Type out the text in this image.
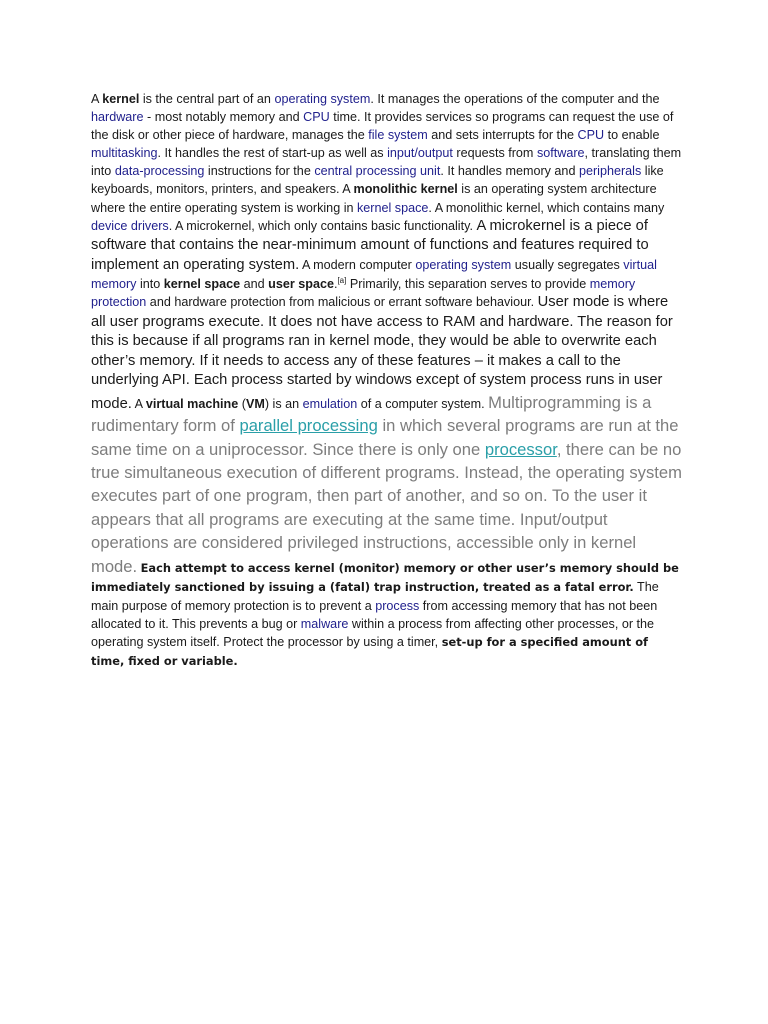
A kernel is the central part of an operating system. It manages the operations of the computer and the hardware - most notably memory and CPU time. It provides services so programs can request the use of the disk or other piece of hardware, manages the file system and sets interrupts for the CPU to enable multitasking. It handles the rest of start-up as well as input/output requests from software, translating them into data-processing instructions for the central processing unit. It handles memory and peripherals like keyboards, monitors, printers, and speakers. A monolithic kernel is an operating system architecture where the entire operating system is working in kernel space. A monolithic kernel, which contains many device drivers. A microkernel, which only contains basic functionality. A microkernel is a piece of software that contains the near-minimum amount of functions and features required to implement an operating system. A modern computer operating system usually segregates virtual memory into kernel space and user space.[a] Primarily, this separation serves to provide memory protection and hardware protection from malicious or errant software behaviour. User mode is where all user programs execute. It does not have access to RAM and hardware. The reason for this is because if all programs ran in kernel mode, they would be able to overwrite each other’s memory. If it needs to access any of these features – it makes a call to the underlying API. Each process started by windows except of system process runs in user mode. A virtual machine (VM) is an emulation of a computer system. Multiprogramming is a rudimentary form of parallel processing in which several programs are run at the same time on a uniprocessor. Since there is only one processor, there can be no true simultaneous execution of different programs. Instead, the operating system executes part of one program, then part of another, and so on. To the user it appears that all programs are executing at the same time. Input/output operations are considered privileged instructions, accessible only in kernel mode. Each attempt to access kernel (monitor) memory or other user’s memory should be immediately sanctioned by issuing a (fatal) trap instruction, treated as a fatal error. The main purpose of memory protection is to prevent a process from accessing memory that has not been allocated to it. This prevents a bug or malware within a process from affecting other processes, or the operating system itself. Protect the processor by using a timer, set-up for a specified amount of time, fixed or variable.
